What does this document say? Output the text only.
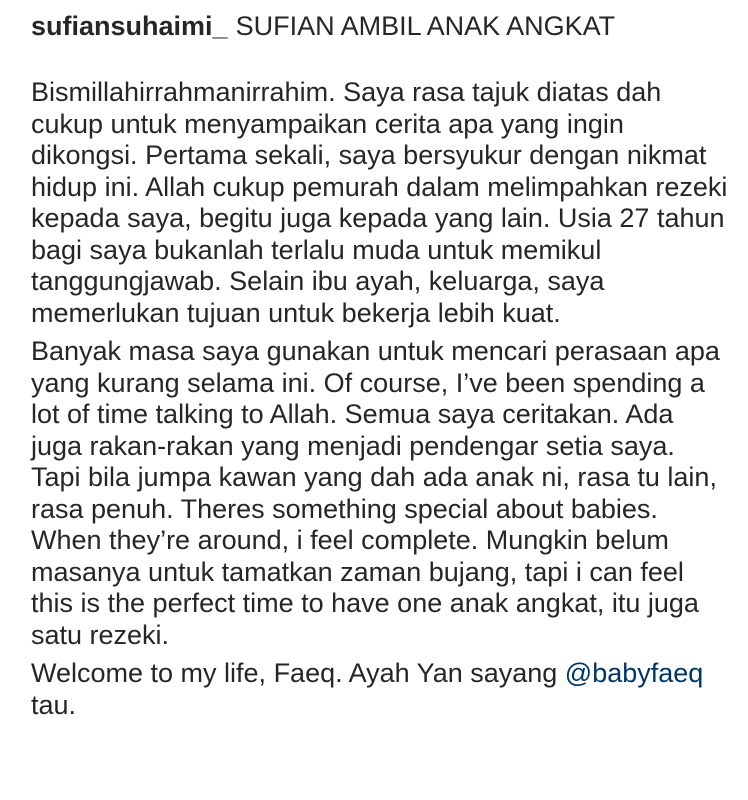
sufiansuhaimi_ SUFIAN AMBIL ANAK ANGKAT

Bismillahirrahmanirrahim. Saya rasa tajuk diatas dah cukup untuk menyampaikan cerita apa yang ingin dikongsi. Pertama sekali, saya bersyukur dengan nikmat hidup ini. Allah cukup pemurah dalam melimpahkan rezeki kepada saya, begitu juga kepada yang lain. Usia 27 tahun bagi saya bukanlah terlalu muda untuk memikul tanggungjawab. Selain ibu ayah, keluarga, saya memerlukan tujuan untuk bekerja lebih kuat.

Banyak masa saya gunakan untuk mencari perasaan apa yang kurang selama ini. Of course, I’ve been spending a lot of time talking to Allah. Semua saya ceritakan. Ada juga rakan-rakan yang menjadi pendengar setia saya. Tapi bila jumpa kawan yang dah ada anak ni, rasa tu lain, rasa penuh. Theres something special about babies. When they’re around, i feel complete. Mungkin belum masanya untuk tamatkan zaman bujang, tapi i can feel this is the perfect time to have one anak angkat, itu juga satu rezeki.

Welcome to my life, Faeq. Ayah Yan sayang @babyfaeq tau.
